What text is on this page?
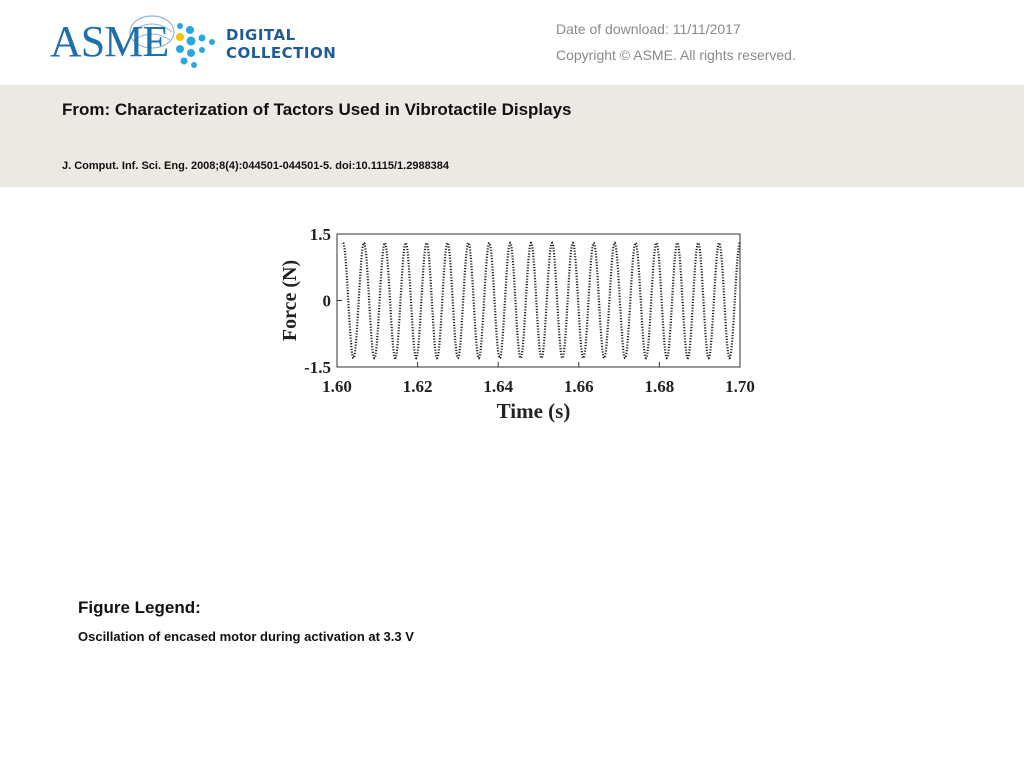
ASME	DIGITAL
COLLECTION
Date of download: 11/11/2017
Copyright © ASME. All rights reserved.
From: Characterization of Tactors Used in Vibrotactile Displays
J. Comput. Inf. Sci. Eng. 2008;8(4):044501-044501-5. doi:10.1115/1.2988384
1.60	1.62	1.64	1.66	1.68	1.70
1.5
0
-1.5
Time (s)
Force (N)
Figure Legend:
Oscillation of encased motor during activation at 3.3 V
